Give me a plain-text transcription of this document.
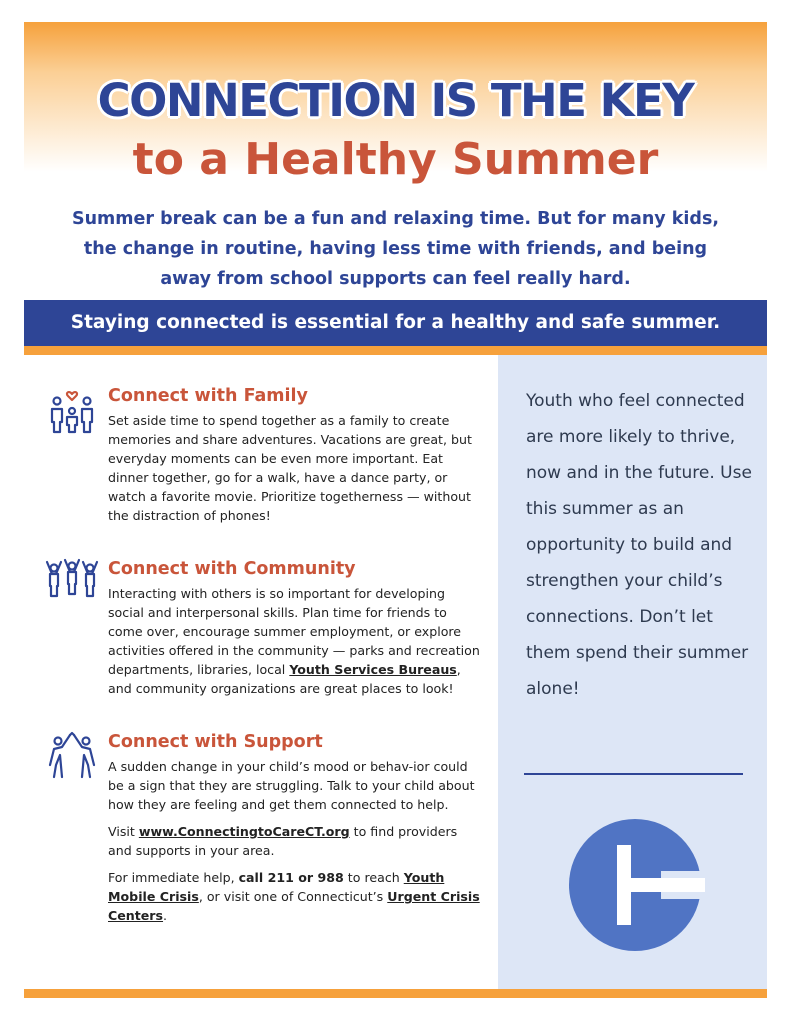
CONNECTION IS THE KEY
to a Healthy Summer

Summer break can be a fun and relaxing time. But for many kids, the change in routine, having less time with friends, and being away from school supports can feel really hard.

Staying connected is essential for a healthy and safe summer.
Connect with Family

Set aside time to spend together as a family to create memories and share adventures. Vacations are great, but everyday moments can be even more important. Eat dinner together, go for a walk, have a dance party, or watch a favorite movie. Prioritize togetherness — without the distraction of phones!

Connect with Community

Interacting with others is so important for developing social and interpersonal skills. Plan time for friends to come over, encourage summer employment, or explore activities offered in the community — parks and recreation departments, libraries, local Youth Services Bureaus, and community organizations are great places to look!

Connect with Support

A sudden change in your child’s mood or behav-ior could be a sign that they are struggling. Talk to your child about how they are feeling and get them connected to help.

Visit www.ConnectingtoCareCT.org to find providers and supports in your area.

For immediate help, call 211 or 988 to reach Youth Mobile Crisis, or visit one of Connecticut’s Urgent Crisis Centers.

Youth who feel connected are more likely to thrive, now and in the future. Use this summer as an opportunity to build and strengthen your child’s connections. Don’t let them spend their summer alone!
